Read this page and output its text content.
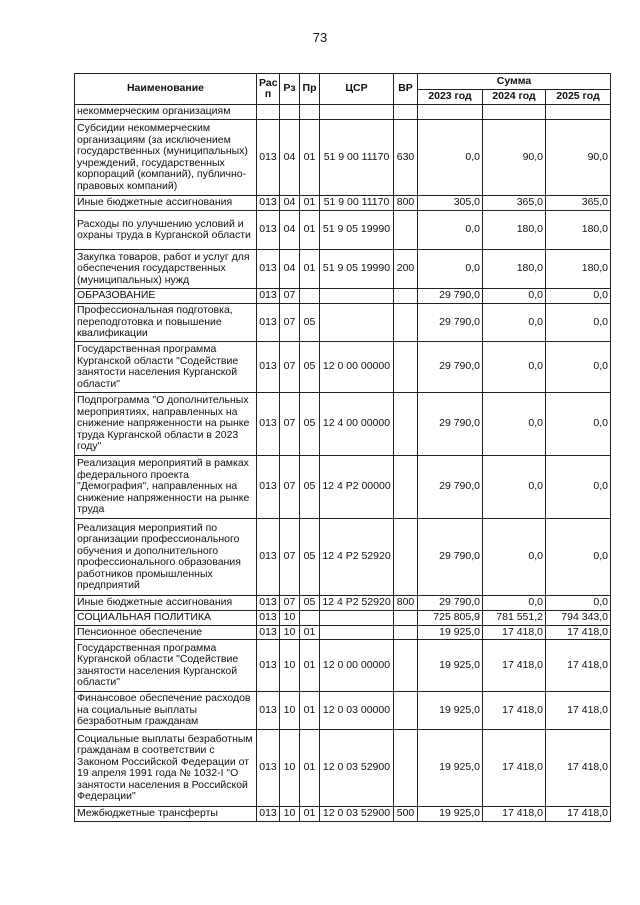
73
Наименование	Рас п	Рз	Пр	ЦСР	ВР	Сумма		
						2023 год	2024 год	2025 год
некоммерческим организациям								
Субсидии некоммерческим организациям (за исключением государственных (муниципальных) учреждений, государственных корпораций (компаний), публично-правовых компаний)	013	04	01	51 9 00 11170	630	0,0	90,0	90,0
Иные бюджетные ассигнования	013	04	01	51 9 00 11170	800	305,0	365,0	365,0
Расходы по улучшению условий и охраны труда в Курганской области	013	04	01	51 9 05 19990		0,0	180,0	180,0
Закупка товаров, работ и услуг для обеспечения государственных (муниципальных) нужд	013	04	01	51 9 05 19990	200	0,0	180,0	180,0
ОБРАЗОВАНИЕ	013	07				29 790,0	0,0	0,0
Профессиональная подготовка, переподготовка и повышение квалификации	013	07	05			29 790,0	0,0	0,0
Государственная программа Курганской области "Содействие занятости населения Курганской области"	013	07	05	12 0 00 00000		29 790,0	0,0	0,0
Подпрограмма "О дополнительных мероприятиях, направленных на снижение напряженности на рынке труда Курганской области в 2023 году"	013	07	05	12 4 00 00000		29 790,0	0,0	0,0
Реализация мероприятий в рамках федерального проекта "Демография", направленных на снижение напряженности на рынке труда	013	07	05	12 4 P2 00000		29 790,0	0,0	0,0
Реализация мероприятий по организации профессионального обучения и дополнительного профессионального образования работников промышленных предприятий	013	07	05	12 4 P2 52920		29 790,0	0,0	0,0
Иные бюджетные ассигнования	013	07	05	12 4 P2 52920	800	29 790,0	0,0	0,0
СОЦИАЛЬНАЯ ПОЛИТИКА	013	10				725 805,9	781 551,2	794 343,0
Пенсионное обеспечение	013	10	01			19 925,0	17 418,0	17 418,0
Государственная программа Курганской области "Содействие занятости населения Курганской области"	013	10	01	12 0 00 00000		19 925,0	17 418,0	17 418,0
Финансовое обеспечение расходов на социальные выплаты безработным гражданам	013	10	01	12 0 03 00000		19 925,0	17 418,0	17 418,0
Социальные выплаты безработным гражданам в соответствии с Законом Российской Федерации от 19 апреля 1991 года № 1032-I "О занятости населения в Российской Федерации"	013	10	01	12 0 03 52900		19 925,0	17 418,0	17 418,0
Межбюджетные трансферты	013	10	01	12 0 03 52900	500	19 925,0	17 418,0	17 418,0
